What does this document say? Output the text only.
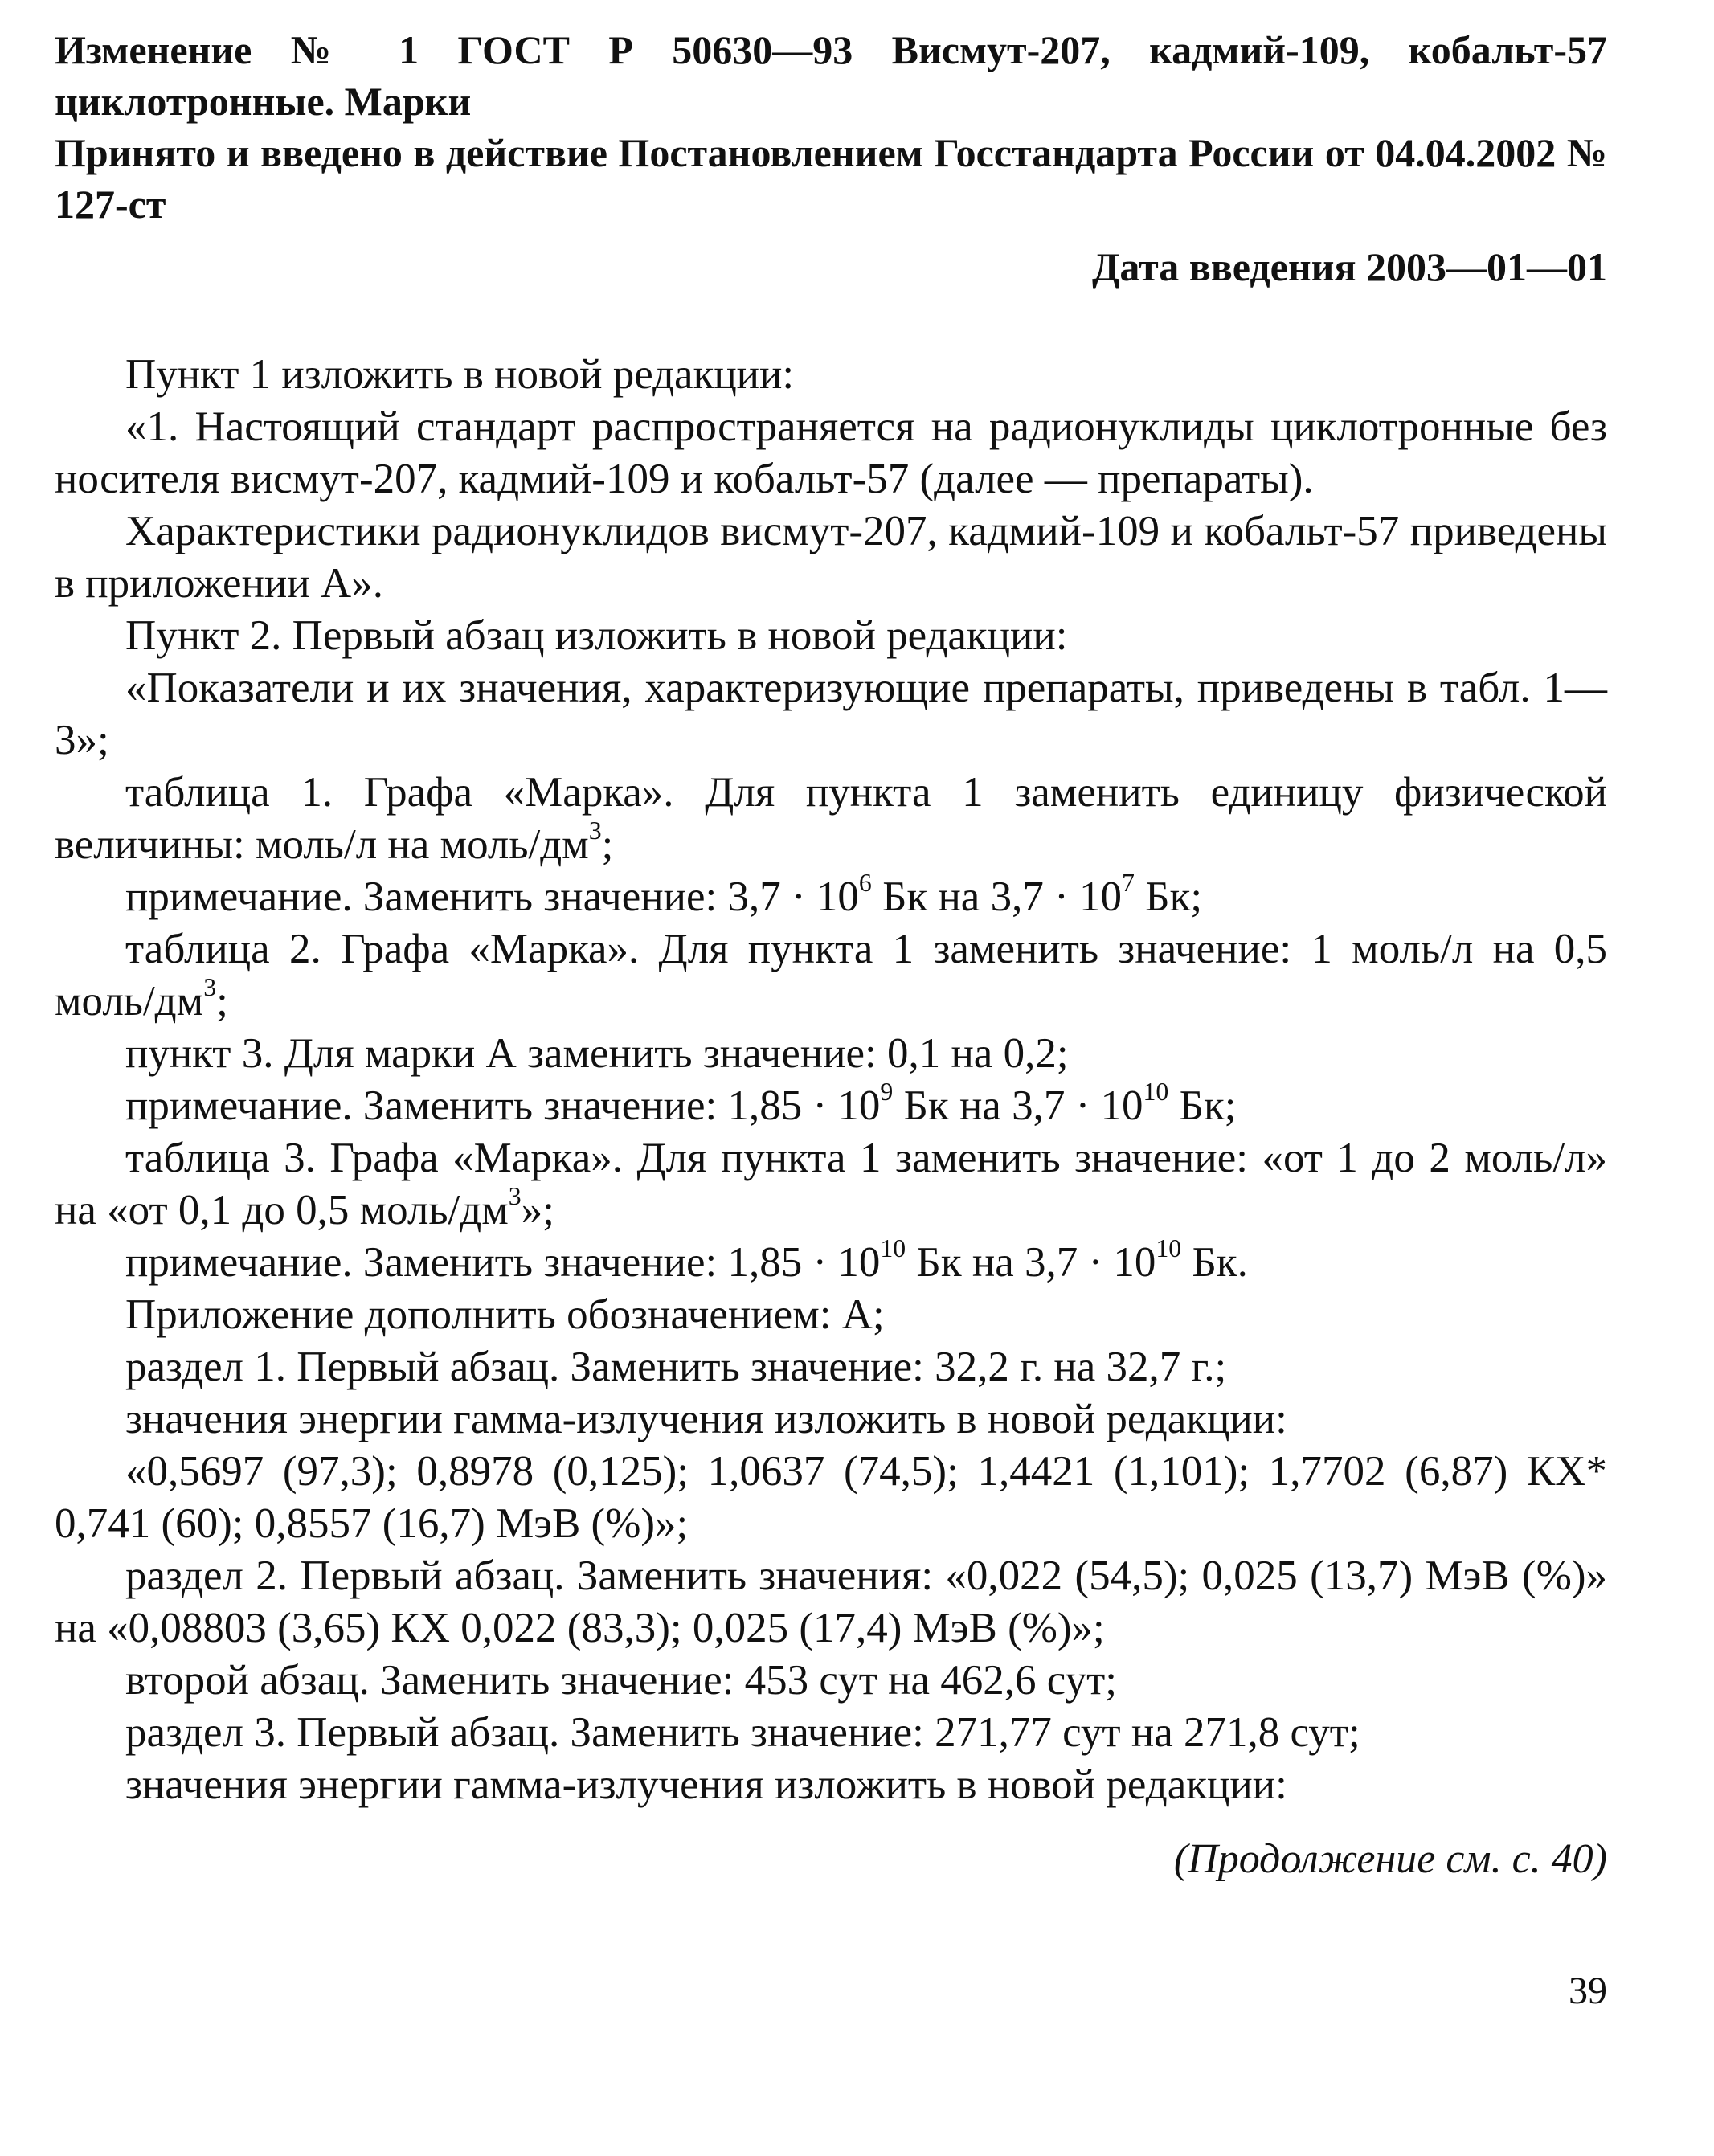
Изменение № 1 ГОСТ Р 50630—93 Висмут-207, кадмий-109, кобальт-57 циклотронные. Марки

Принято и введено в действие Постановлением Госстандарта России от 04.04.2002 № 127-ст

Дата введения 2003—01—01

Пункт 1 изложить в новой редакции:

«1. Настоящий стандарт распространяется на радионуклиды циклотронные без носителя висмут-207, кадмий-109 и кобальт-57 (далее — препараты).

Характеристики радионуклидов висмут-207, кадмий-109 и кобальт-57 приведены в приложении А».

Пункт 2. Первый абзац изложить в новой редакции:

«Показатели и их значения, характеризующие препараты, приведены в табл. 1—3»;

таблица 1. Графа «Марка». Для пункта 1 заменить единицу физической величины: моль/л на моль/$дм^3$;

примечание. Заменить значение: $3,7 \cdot 10^6$ Бк на $3,7 \cdot 10^7$ Бк;

таблица 2. Графа «Марка». Для пункта 1 заменить значение: 1 моль/л на 0,5 моль/$дм^3$;

пункт 3. Для марки А заменить значение: 0,1 на 0,2;

примечание. Заменить значение: $1,85 \cdot 10^9$ Бк на $3,7 \cdot 10^{10}$ Бк;

таблица 3. Графа «Марка». Для пункта 1 заменить значение: «от 1 до 2 моль/л» на «от 0,1 до 0,5 моль/$дм^3$»;

примечание. Заменить значение: $1,85 \cdot 10^{10}$ Бк на $3,7 \cdot 10^{10}$ Бк.

Приложение дополнить обозначением: А;

раздел 1. Первый абзац. Заменить значение: 32,2 г. на 32,7 г.;

значения энергии гамма-излучения изложить в новой редакции:

«0,5697 (97,3); 0,8978 (0,125); 1,0637 (74,5); 1,4421 (1,101); 1,7702 (6,87) КХ* 0,741 (60); 0,8557 (16,7) МэВ (%)»;

раздел 2. Первый абзац. Заменить значения: «0,022 (54,5); 0,025 (13,7) МэВ (%)» на «0,08803 (3,65) КХ 0,022 (83,3); 0,025 (17,4) МэВ (%)»;

второй абзац. Заменить значение: 453 сут на 462,6 сут;

раздел 3. Первый абзац. Заменить значение: 271,77 сут на 271,8 сут;

значения энергии гамма-излучения изложить в новой редакции:

(Продолжение см. с. 40)
39
